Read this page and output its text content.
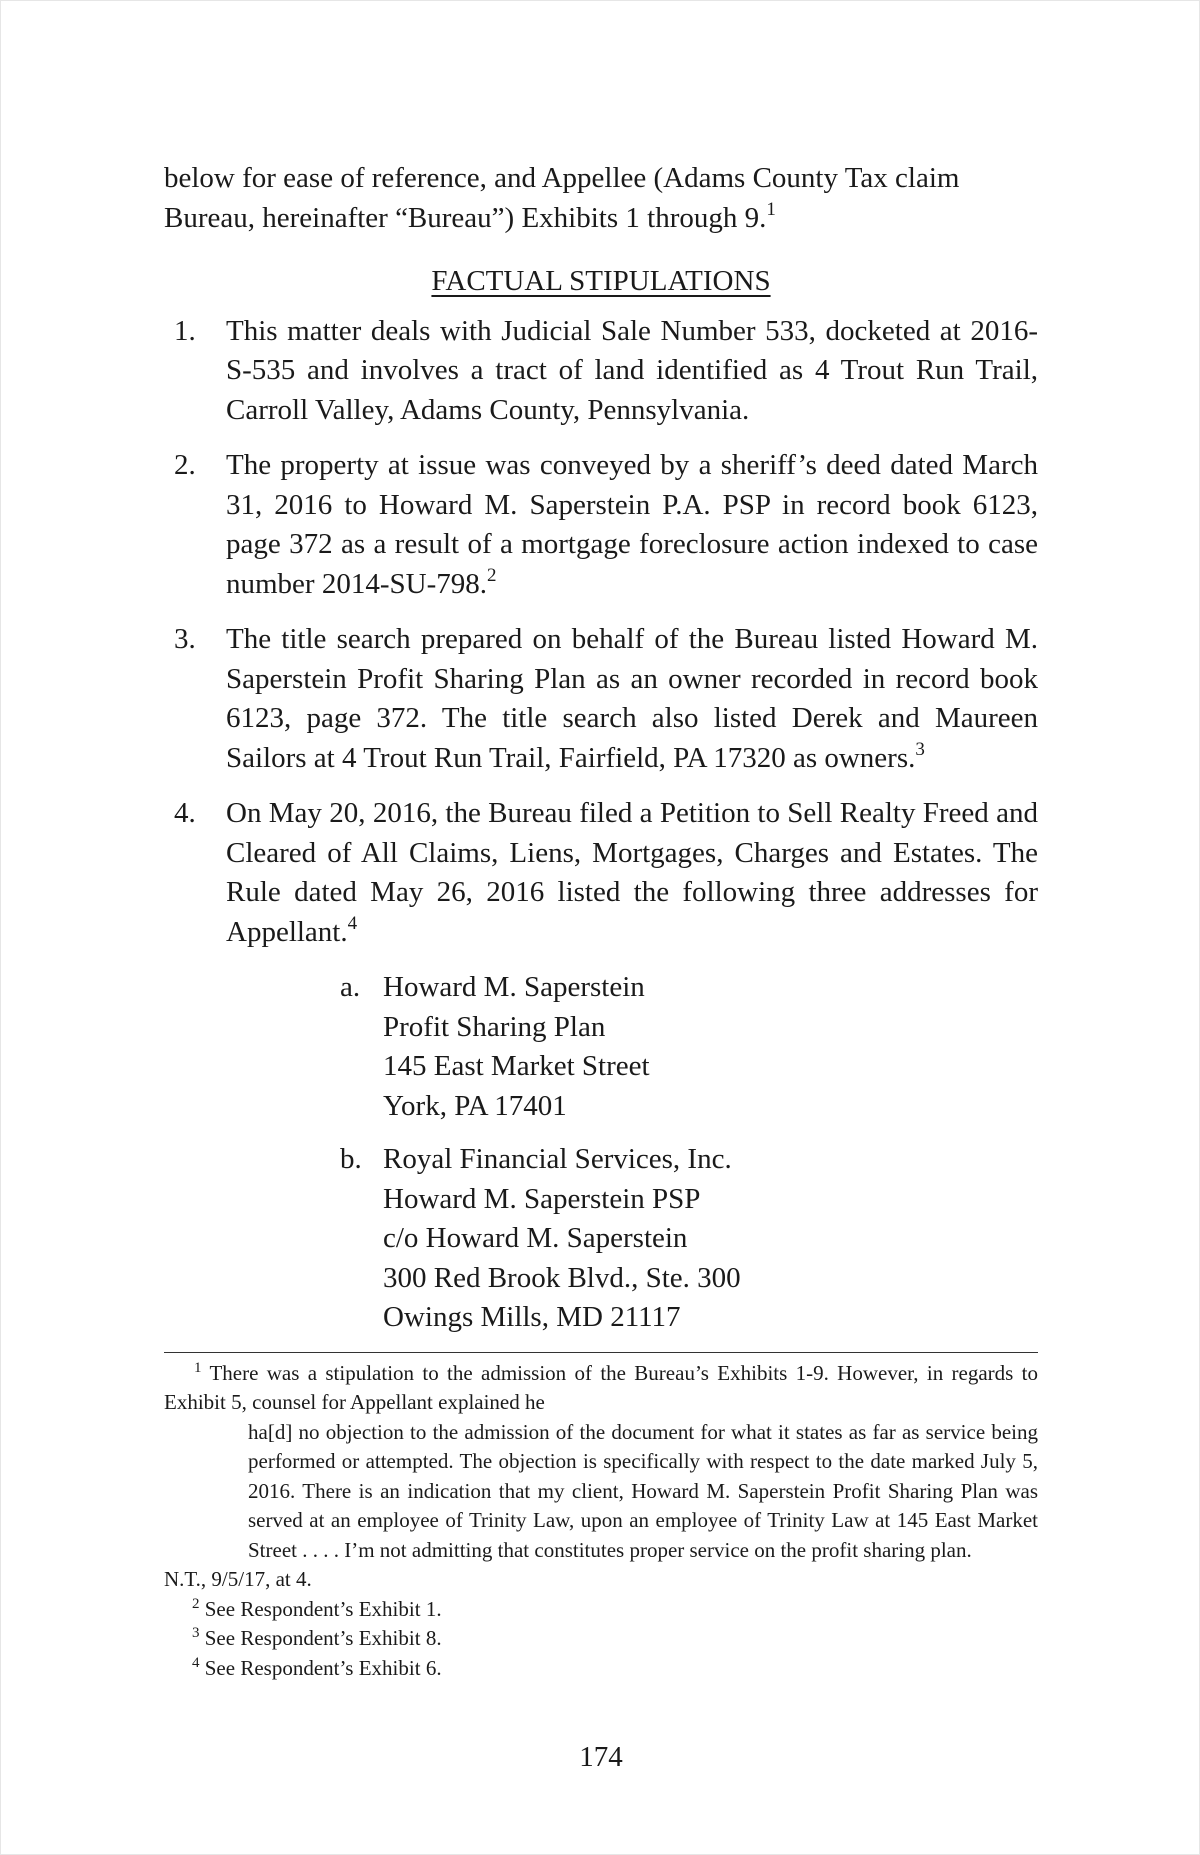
below for ease of reference, and Appellee (Adams County Tax claim Bureau, hereinafter “Bureau”) Exhibits 1 through 9.$^1$

FACTUAL STIPULATIONS

1. This matter deals with Judicial Sale Number 533, docketed at 2016-S-535 and involves a tract of land identified as 4 Trout Run Trail, Carroll Valley, Adams County, Pennsylvania.
2. The property at issue was conveyed by a sheriff’s deed dated March 31, 2016 to Howard M. Saperstein P.A. PSP in record book 6123, page 372 as a result of a mortgage foreclosure action indexed to case number 2014-SU-798.$^2$
3. The title search prepared on behalf of the Bureau listed Howard M. Saperstein Profit Sharing Plan as an owner recorded in record book 6123, page 372. The title search also listed Derek and Maureen Sailors at 4 Trout Run Trail, Fairfield, PA 17320 as owners.$^3$
4. On May 20, 2016, the Bureau filed a Petition to Sell Realty Freed and Cleared of All Claims, Liens, Mortgages, Charges and Estates. The Rule dated May 26, 2016 listed the following three addresses for Appellant.$^4$
a. Howard M. Saperstein
Profit Sharing Plan
145 East Market Street
York, PA 17401
b. Royal Financial Services, Inc.
Howard M. Saperstein PSP
c/o Howard M. Saperstein
300 Red Brook Blvd., Ste. 300
Owings Mills, MD 21117

$^1$ There was a stipulation to the admission of the Bureau’s Exhibits 1-9. However, in regards to Exhibit 5, counsel for Appellant explained he

ha[d] no objection to the admission of the document for what it states as far as service being performed or attempted. The objection is specifically with respect to the date marked July 5, 2016. There is an indication that my client, Howard M. Saperstein Profit Sharing Plan was served at an employee of Trinity Law, upon an employee of Trinity Law at 145 East Market Street . . . . I’m not admitting that constitutes proper service on the profit sharing plan.

N.T., 9/5/17, at 4.

$^2$ See Respondent’s Exhibit 1.

$^3$ See Respondent’s Exhibit 8.

$^4$ See Respondent’s Exhibit 6.

174
